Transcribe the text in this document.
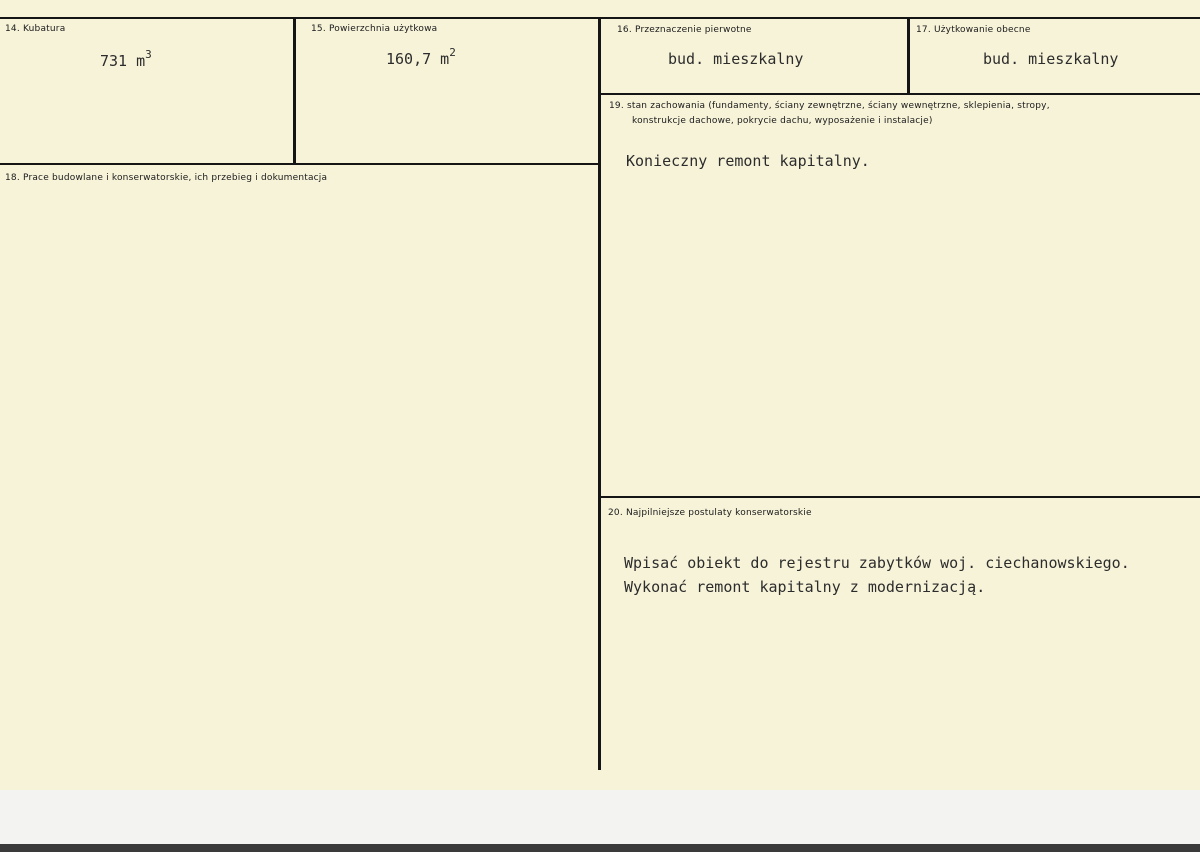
14. Kubatura
731 $m^3$
15. Powierzchnia użytkowa
160,7 $m^2$
16. Przeznaczenie pierwotne
bud. mieszkalny
17. Użytkowanie obecne
bud. mieszkalny
18. Prace budowlane i konserwatorskie, ich przebieg i dokumentacja
19. stan zachowania (fundamenty, ściany zewnętrzne, ściany wewnętrzne, sklepienia, stropy,
konstrukcje dachowe, pokrycie dachu, wyposażenie i instalacje)
Konieczny remont kapitalny.
20. Najpilniejsze postulaty konserwatorskie
Wpisać obiekt do rejestru zabytków woj. ciechanowskiego.
Wykonać remont kapitalny z modernizacją.
